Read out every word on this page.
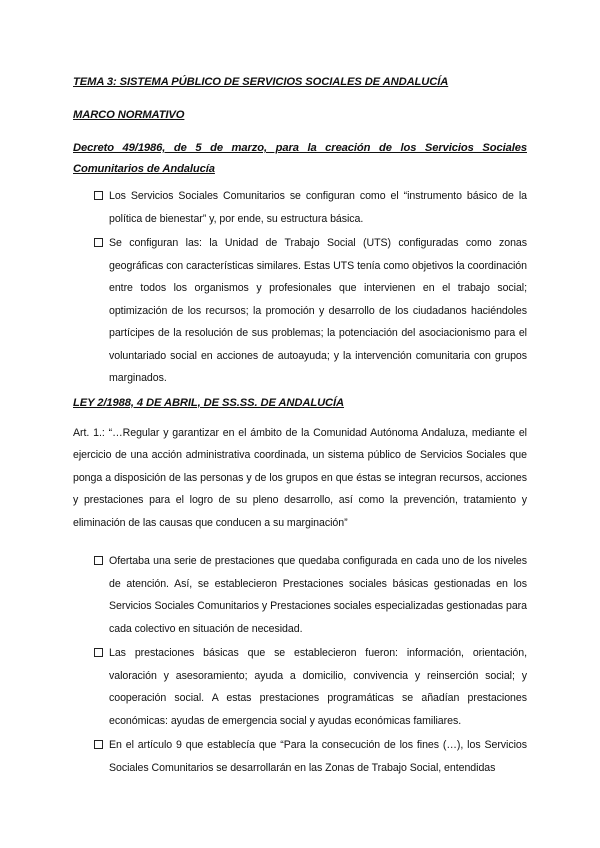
TEMA 3: SISTEMA PÚBLICO DE SERVICIOS SOCIALES DE ANDALUCÍA

MARCO NORMATIVO

Decreto 49/1986, de 5 de marzo, para la creación de los Servicios Sociales Comunitarios de Andalucía

Los Servicios Sociales Comunitarios se configuran como el “instrumento básico de la política de bienestar” y, por ende, su estructura básica.
Se configuran las: la Unidad de Trabajo Social (UTS) configuradas como zonas geográficas con características similares. Estas UTS tenía como objetivos la coordinación entre todos los organismos y profesionales que intervienen en el trabajo social; optimización de los recursos; la promoción y desarrollo de los ciudadanos haciéndoles partícipes de la resolución de sus problemas; la potenciación del asociacionismo para el voluntariado social en acciones de autoayuda; y la intervención comunitaria con grupos marginados.

LEY 2/1988, 4 DE ABRIL, DE SS.SS. DE ANDALUCÍA

Art. 1.: “…Regular y garantizar en el ámbito de la Comunidad Autónoma Andaluza, mediante el ejercicio de una acción administrativa coordinada, un sistema público de Servicios Sociales que ponga a disposición de las personas y de los grupos en que éstas se integran recursos, acciones y prestaciones para el logro de su pleno desarrollo, así como la prevención, tratamiento y eliminación de las causas que conducen a su marginación”

Ofertaba una serie de prestaciones que quedaba configurada en cada uno de los niveles de atención. Así, se establecieron Prestaciones sociales básicas gestionadas en los Servicios Sociales Comunitarios y Prestaciones sociales especializadas gestionadas para cada colectivo en situación de necesidad.
Las prestaciones básicas que se establecieron fueron: información, orientación, valoración y asesoramiento; ayuda a domicilio, convivencia y reinserción social; y cooperación social. A estas prestaciones programáticas se añadían prestaciones económicas: ayudas de emergencia social y ayudas económicas familiares.
En el artículo 9 que establecía que “Para la consecución de los fines (…), los Servicios Sociales Comunitarios se desarrollarán en las Zonas de Trabajo Social, entendidas
